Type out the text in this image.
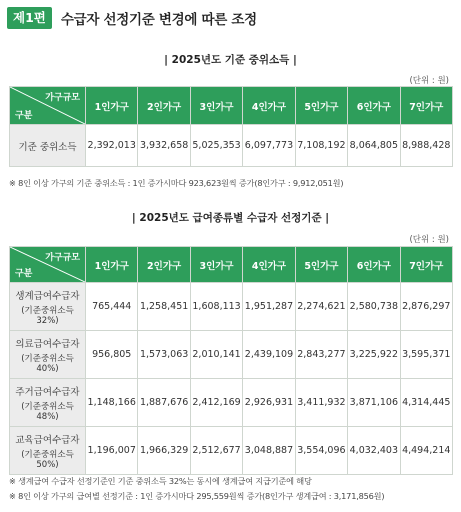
제1편	수급자 선정기준 변경에 따른 조정
| 2025년도 기준 중위소득 |
(단위 : 원)
가구규모
구분	1인가구	2인가구	3인가구	4인가구	5인가구	6인가구	7인가구
기준 중위소득	2,392,013	3,932,658	5,025,353	6,097,773	7,108,192	8,064,805	8,988,428
※ 8인 이상 가구의 기준 중위소득 : 1인 증가시마다 923,623원씩 증가(8인가구 : 9,912,051원)
| 2025년도 급여종류별 수급자 선정기준 |
(단위 : 원)
가구규모
구분	1인가구	2인가구	3인가구	4인가구	5인가구	6인가구	7인가구

생계급여수급자
(기준중위소득 32%)	765,444	1,258,451	1,608,113	1,951,287	2,274,621	2,580,738	2,876,297

의료급여수급자
(기준중위소득 40%)	956,805	1,573,063	2,010,141	2,439,109	2,843,277	3,225,922	3,595,371

주거급여수급자
(기준중위소득 48%)	1,148,166	1,887,676	2,412,169	2,926,931	3,411,932	3,871,106	4,314,445

교육급여수급자
(기준중위소득 50%)	1,196,007	1,966,329	2,512,677	3,048,887	3,554,096	4,032,403	4,494,214
※ 생계급여 수급자 선정기준인 기준 중위소득 32%는 동시에 생계급여 지급기준에 해당
※ 8인 이상 가구의 급여별 선정기준 : 1인 증가시마다 295,559원씩 증가(8인가구 생계급여 : 3,171,856원)
